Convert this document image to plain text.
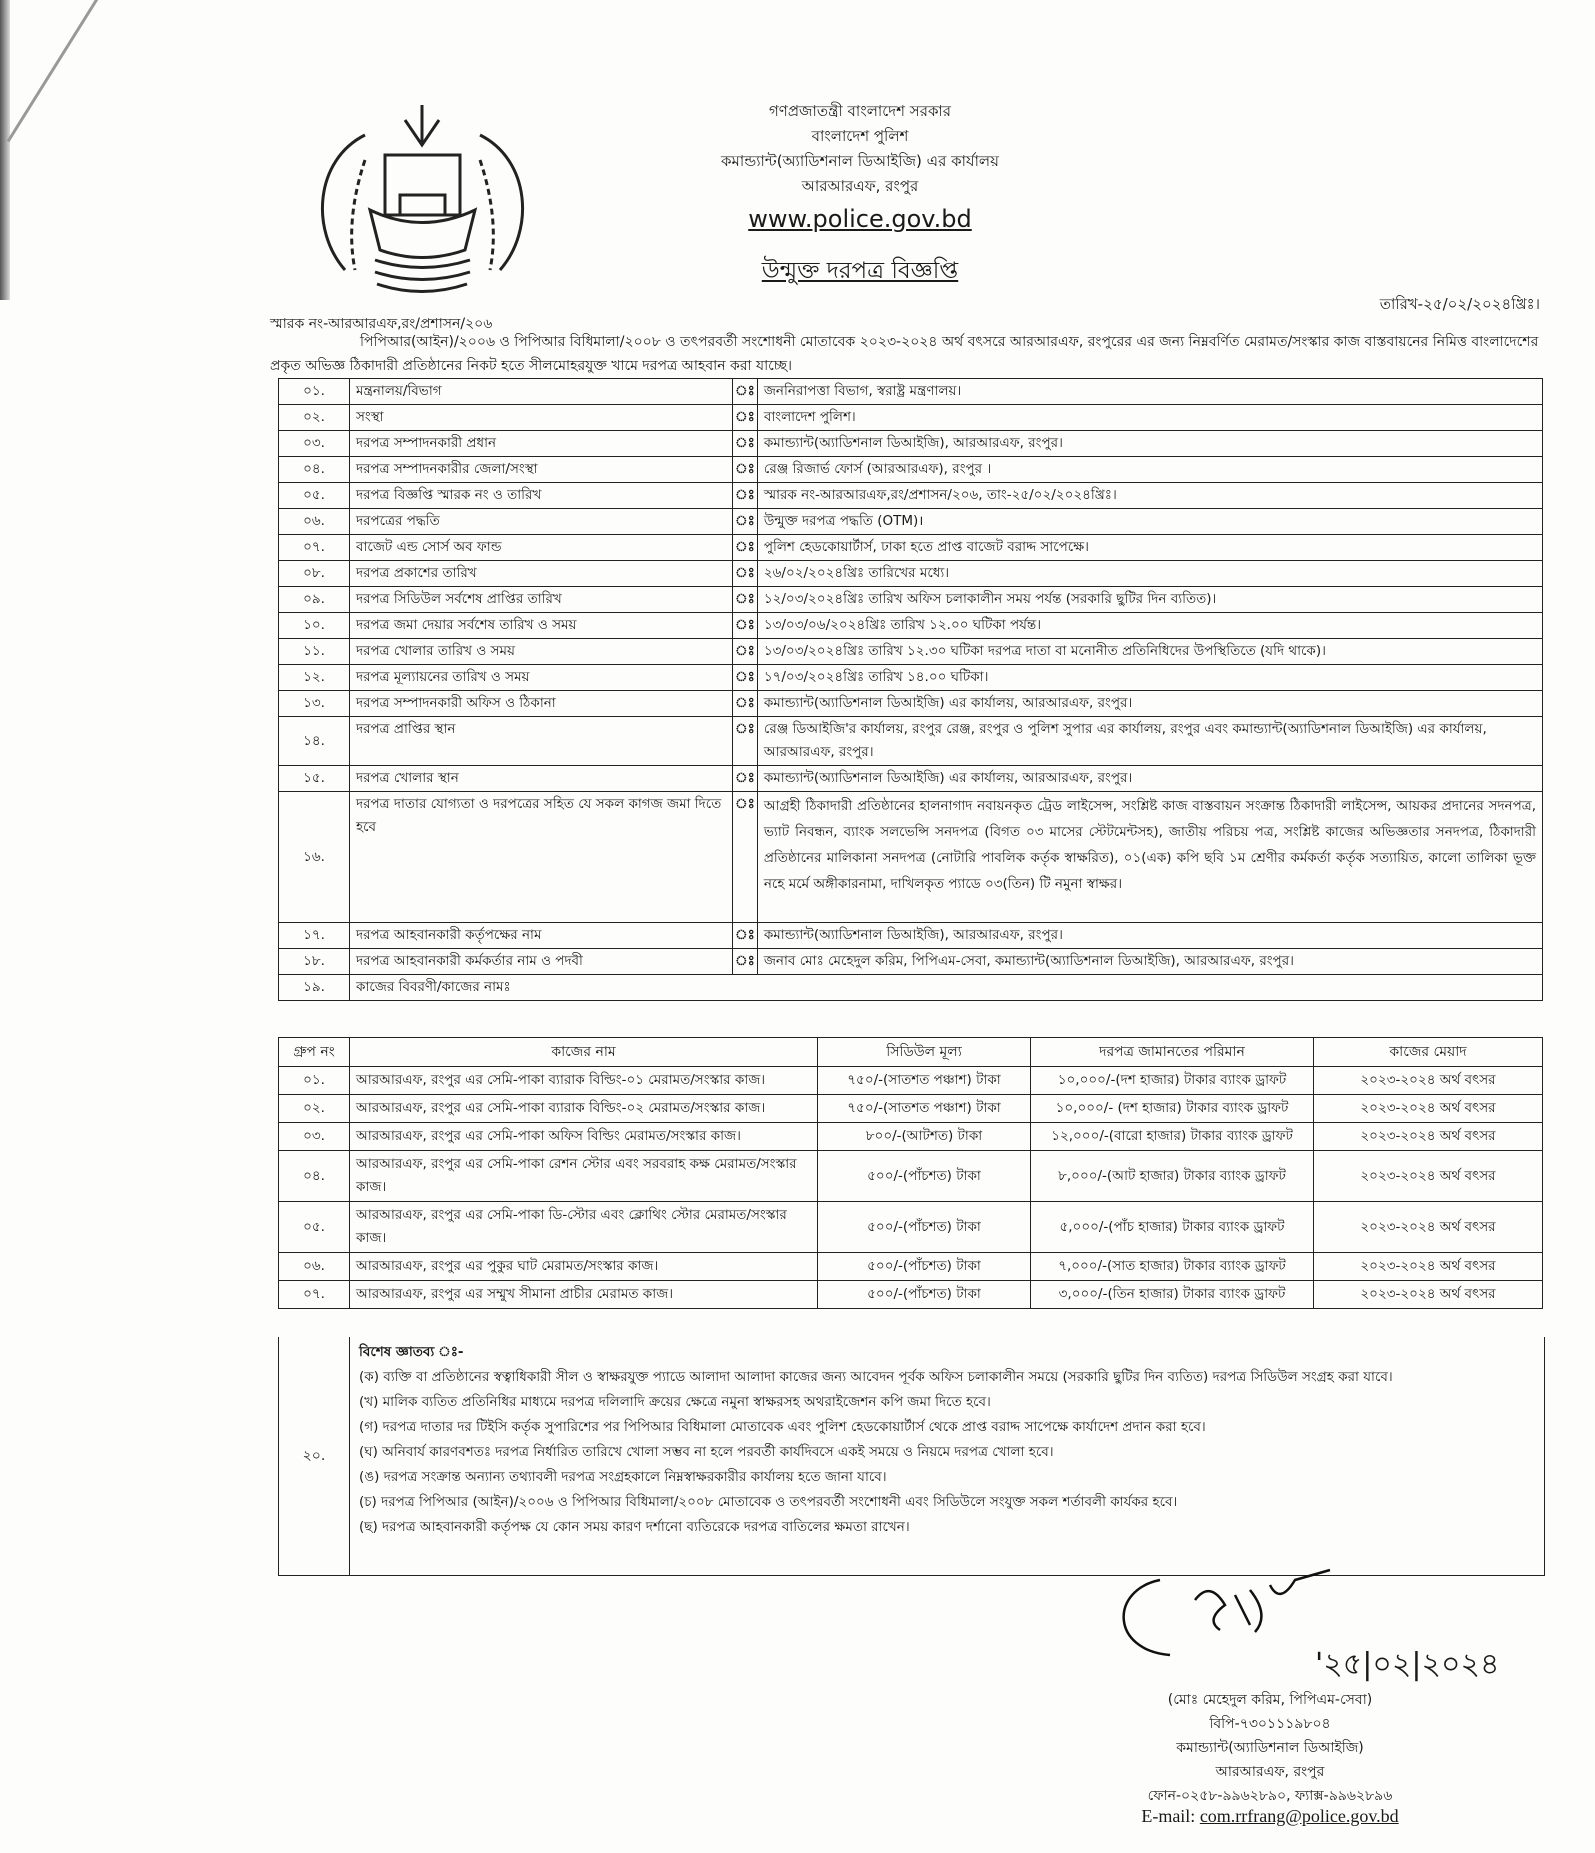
গণপ্রজাতন্ত্রী বাংলাদেশ সরকার
বাংলাদেশ পুলিশ
কমান্ড্যান্ট(অ্যাডিশনাল ডিআইজি) এর কার্যালয়
আরআরএফ, রংপুর
www.police.gov.bd
উন্মুক্ত দরপত্র বিজ্ঞপ্তি
তারিখ-২৫/০২/২০২৪খ্রিঃ।
স্মারক নং-আরআরএফ,রং/প্রশাসন/২০৬
পিপিআর(আইন)/২০০৬ ও পিপিআর বিধিমালা/২০০৮ ও তৎপরবর্তী সংশোধনী মোতাবেক ২০২৩-২০২৪ অর্থ বৎসরে আরআরএফ, রংপুরের এর জন্য নিম্নবর্ণিত মেরামত/সংস্কার কাজ বাস্তবায়নের নিমিত্ত বাংলাদেশের প্রকৃত অভিজ্ঞ ঠিকাদারী প্রতিষ্ঠানের নিকট হতে সীলমোহরযুক্ত খামে দরপত্র আহবান করা যাচ্ছে।
০১.	মন্ত্রনালয়/বিভাগ	ঃ	জননিরাপত্তা বিভাগ, স্বরাষ্ট্র মন্ত্রণালয়।
০২.	সংস্থা	ঃ	বাংলাদেশ পুলিশ।
০৩.	দরপত্র সম্পাদনকারী প্রধান	ঃ	কমান্ড্যান্ট(অ্যাডিশনাল ডিআইজি), আরআরএফ, রংপুর।
০৪.	দরপত্র সম্পাদনকারীর জেলা/সংস্থা	ঃ	রেঞ্জ রিজার্ভ ফোর্স (আরআরএফ), রংপুর ।
০৫.	দরপত্র বিজ্ঞপ্তি স্মারক নং ও তারিখ	ঃ	স্মারক নং-আরআরএফ,রং/প্রশাসন/২০৬, তাং-২৫/০২/২০২৪খ্রিঃ।
০৬.	দরপত্রের পদ্ধতি	ঃ	উন্মুক্ত দরপত্র পদ্ধতি (OTM)।
০৭.	বাজেট এন্ড সোর্স অব ফান্ড	ঃ	পুলিশ হেডকোয়ার্টার্স, ঢাকা হতে প্রাপ্ত বাজেট বরাদ্দ সাপেক্ষে।
০৮.	দরপত্র প্রকাশের তারিখ	ঃ	২৬/০২/২০২৪খ্রিঃ তারিখের মধ্যে।
০৯.	দরপত্র সিডিউল সর্বশেষ প্রাপ্তির তারিখ	ঃ	১২/০৩/২০২৪খ্রিঃ তারিখ অফিস চলাকালীন সময় পর্যন্ত (সরকারি ছুটির দিন ব্যতিত)।
১০.	দরপত্র জমা দেয়ার সর্বশেষ তারিখ ও সময়	ঃ	১৩/০৩/০৬/২০২৪খ্রিঃ তারিখ ১২.০০ ঘটিকা পর্যন্ত।
১১.	দরপত্র খোলার তারিখ ও সময়	ঃ	১৩/০৩/২০২৪খ্রিঃ তারিখ ১২.৩০ ঘটিকা দরপত্র দাতা বা মনোনীত প্রতিনিধিদের উপস্থিতিতে (যদি থাকে)।
১২.	দরপত্র মূল্যায়নের তারিখ ও সময়	ঃ	১৭/০৩/২০২৪খ্রিঃ তারিখ ১৪.০০ ঘটিকা।
১৩.	দরপত্র সম্পাদনকারী অফিস ও ঠিকানা	ঃ	কমান্ড্যান্ট(অ্যাডিশনাল ডিআইজি) এর কার্যালয়, আরআরএফ, রংপুর।
১৪.	দরপত্র প্রাপ্তির স্থান	ঃ	রেঞ্জ ডিআইজি'র কার্যালয়, রংপুর রেঞ্জ, রংপুর ও পুলিশ সুপার এর কার্যালয়, রংপুর এবং কমান্ড্যান্ট(অ্যাডিশনাল ডিআইজি) এর কার্যালয়, আরআরএফ, রংপুর।
১৫.	দরপত্র খোলার স্থান	ঃ	কমান্ড্যান্ট(অ্যাডিশনাল ডিআইজি) এর কার্যালয়, আরআরএফ, রংপুর।
১৬.	দরপত্র দাতার যোগ্যতা ও দরপত্রের সহিত যে সকল কাগজ জমা দিতে হবে	ঃ	আগ্রহী ঠিকাদারী প্রতিষ্ঠানের হালনাগাদ নবায়নকৃত ট্রেড লাইসেন্স, সংশ্লিষ্ট কাজ বাস্তবায়ন সংক্রান্ত ঠিকাদারী লাইসেন্স, আয়কর প্রদানের সদনপত্র, ভ্যাট নিবন্ধন, ব্যাংক সলভেন্সি সনদপত্র (বিগত ০৩ মাসের স্টেটমেন্টসহ), জাতীয় পরিচয় পত্র, সংশ্লিষ্ট কাজের অভিজ্ঞতার সনদপত্র, ঠিকাদারী প্রতিষ্ঠানের মালিকানা সনদপত্র (নোটারি পাবলিক কর্তৃক স্বাক্ষরিত), ০১(এক) কপি ছবি ১ম শ্রেণীর কর্মকর্তা কর্তৃক সত্যায়িত, কালো তালিকা ভূক্ত নহে মর্মে অঙ্গীকারনামা, দাখিলকৃত প্যাডে ০৩(তিন) টি নমুনা স্বাক্ষর।
১৭.	দরপত্র আহবানকারী কর্তৃপক্ষের নাম	ঃ	কমান্ড্যান্ট(অ্যাডিশনাল ডিআইজি), আরআরএফ, রংপুর।
১৮.	দরপত্র আহবানকারী কর্মকর্তার নাম ও পদবী	ঃ	জনাব মোঃ মেহেদুল করিম, পিপিএম-সেবা, কমান্ড্যান্ট(অ্যাডিশনাল ডিআইজি), আরআরএফ, রংপুর।
১৯.	কাজের বিবরণী/কাজের নামঃ		
গ্রুপ নং	কাজের নাম	সিডিউল মূল্য	দরপত্র জামানতের পরিমান	কাজের মেয়াদ
০১.	আরআরএফ, রংপুর এর সেমি-পাকা ব্যারাক বিল্ডিং-০১ মেরামত/সংস্কার কাজ।	৭৫০/-(সাতশত পঞ্চাশ) টাকা	১০,০০০/-(দশ হাজার) টাকার ব্যাংক ড্রাফট	২০২৩-২০২৪ অর্থ বৎসর
০২.	আরআরএফ, রংপুর এর সেমি-পাকা ব্যারাক বিল্ডিং-০২ মেরামত/সংস্কার কাজ।	৭৫০/-(সাতশত পঞ্চাশ) টাকা	১০,০০০/- (দশ হাজার) টাকার ব্যাংক ড্রাফট	২০২৩-২০২৪ অর্থ বৎসর
০৩.	আরআরএফ, রংপুর এর সেমি-পাকা অফিস বিল্ডিং মেরামত/সংস্কার কাজ।	৮০০/-(আটশত) টাকা	১২,০০০/-(বারো হাজার) টাকার ব্যাংক ড্রাফট	২০২৩-২০২৪ অর্থ বৎসর
০৪.	আরআরএফ, রংপুর এর সেমি-পাকা রেশন স্টোর এবং সরবরাহ কক্ষ মেরামত/সংস্কার কাজ।	৫০০/-(পাঁচশত) টাকা	৮,০০০/-(আট হাজার) টাকার ব্যাংক ড্রাফট	২০২৩-২০২৪ অর্থ বৎসর
০৫.	আরআরএফ, রংপুর এর সেমি-পাকা ডি-স্টোর এবং ক্লোথিং স্টোর মেরামত/সংস্কার কাজ।	৫০০/-(পাঁচশত) টাকা	৫,০০০/-(পাঁচ হাজার) টাকার ব্যাংক ড্রাফট	২০২৩-২০২৪ অর্থ বৎসর
০৬.	আরআরএফ, রংপুর এর পুকুর ঘাট মেরামত/সংস্কার কাজ।	৫০০/-(পাঁচশত) টাকা	৭,০০০/-(সাত হাজার) টাকার ব্যাংক ড্রাফট	২০২৩-২০২৪ অর্থ বৎসর
০৭.	আরআরএফ, রংপুর এর সম্মুখ সীমানা প্রাচীর মেরামত কাজ।	৫০০/-(পাঁচশত) টাকা	৩,০০০/-(তিন হাজার) টাকার ব্যাংক ড্রাফট	২০২৩-২০২৪ অর্থ বৎসর
২০.
বিশেষ জ্ঞাতব্য ঃ-
(ক) ব্যক্তি বা প্রতিষ্ঠানের স্বত্বাধিকারী সীল ও স্বাক্ষরযুক্ত প্যাডে আলাদা আলাদা কাজের জন্য আবেদন পূর্বক অফিস চলাকালীন সময়ে (সরকারি ছুটির দিন ব্যতিত) দরপত্র সিডিউল সংগ্রহ করা যাবে।
(খ) মালিক ব্যতিত প্রতিনিধির মাধ্যমে দরপত্র দলিলাদি ক্রয়ের ক্ষেত্রে নমুনা স্বাক্ষরসহ অথরাইজেশন কপি জমা দিতে হবে।
(গ) দরপত্র দাতার দর টিইসি কর্তৃক সুপারিশের পর পিপিআর বিধিমালা মোতাবেক এবং পুলিশ হেডকোয়ার্টার্স থেকে প্রাপ্ত বরাদ্দ সাপেক্ষে কার্যাদেশ প্রদান করা হবে।
(ঘ) অনিবার্য কারণবশতঃ দরপত্র নির্ধারিত তারিখে খোলা সম্ভব না হলে পরবর্তী কার্যদিবসে একই সময়ে ও নিয়মে দরপত্র খোলা হবে।
(ঙ) দরপত্র সংক্রান্ত অন্যান্য তথ্যাবলী দরপত্র সংগ্রহকালে নিম্নস্বাক্ষরকারীর কার্যালয় হতে জানা যাবে।
(চ) দরপত্র পিপিআর (আইন)/২০০৬ ও পিপিআর বিধিমালা/২০০৮ মোতাবেক ও তৎপরবর্তী সংশোধনী এবং সিডিউলে সংযুক্ত সকল শর্তাবলী কার্যকর হবে।
(ছ) দরপত্র আহবানকারী কর্তৃপক্ষ যে কোন সময় কারণ দর্শানো ব্যতিরেকে দরপত্র বাতিলের ক্ষমতা রাখেন।
'২৫|০২|২০২৪
(মোঃ মেহেদুল করিম, পিপিএম-সেবা)
বিপি-৭৩০১১১৯৮০৪
কমান্ড্যান্ট(অ্যাডিশনাল ডিআইজি)
আরআরএফ, রংপুর
ফোন-০২৫৮-৯৯৬২৮৯০, ফ্যাক্স-৯৯৬২৮৯৬
E-mail: com.rrfrang@police.gov.bd
